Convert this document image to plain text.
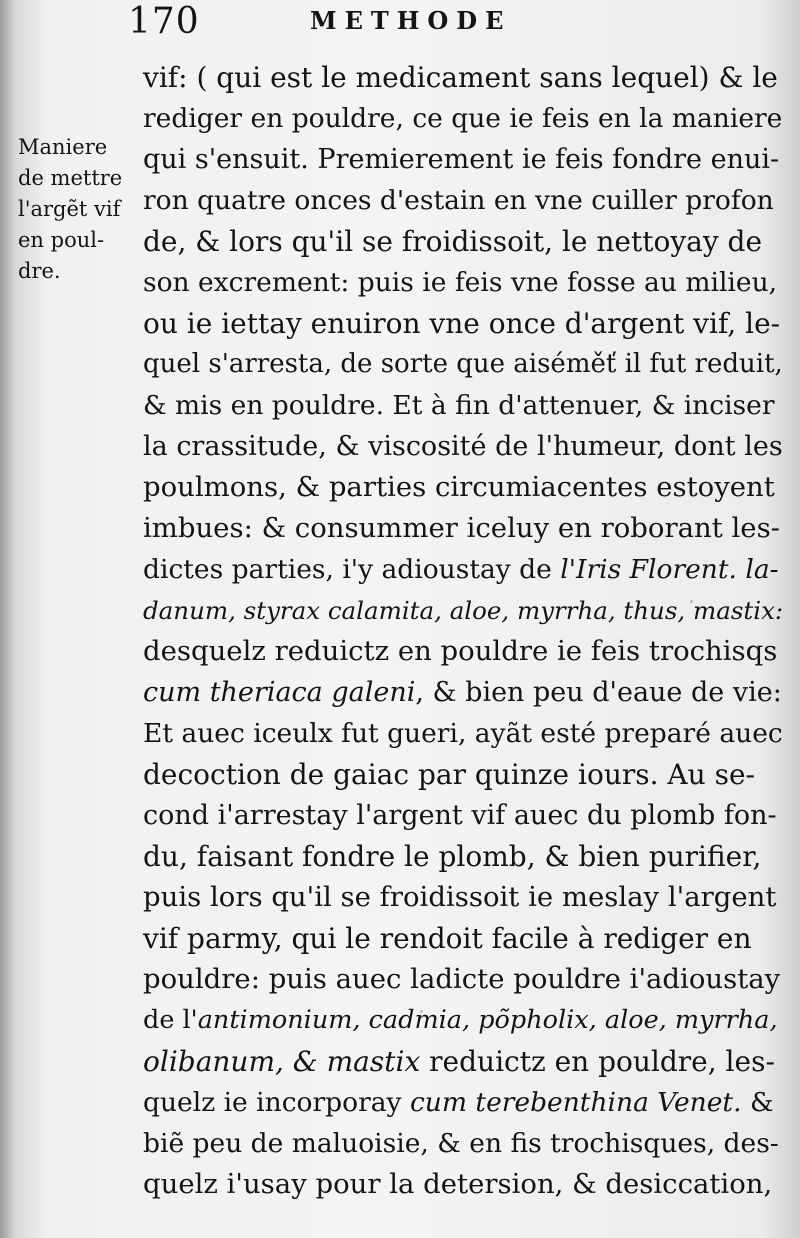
170	METHODE
Maniere
de mettre
l'argẽt vif
en poul-
dre.
vif: ( qui est le medicament sans lequel) & le
rediger en pouldre, ce que ie feis en la maniere
qui s'ensuit. Premierement ie feis fondre enui-
ron quatre onces d'estain en vne cuiller profon
de, & lors qu'il se froidissoit, le nettoyay de
son excrement: puis ie feis vne fosse au milieu,
ou ie iettay enuiron vne once d'argent vif, le-
quel s'arresta, de sorte que aiséměť il fut reduit,
& mis en pouldre. Et à fin d'attenuer, & inciser
la crassitude, & viscosité de l'humeur, dont les
poulmons, & parties circumiacentes estoyent
imbues: & consummer iceluy en roborant les-
dictes parties, i'y adioustay de l'Iris Florent. la-
danum, styrax calamita, aloe, myrrha, thus, mastix:
desquelz reduictz en pouldre ie feis trochisqs
cum theriaca galeni, & bien peu d'eaue de vie:
Et auec iceulx fut gueri, ayãt esté preparé auec
decoction de gaiac par quinze iours. Au se-
cond i'arrestay l'argent vif auec du plomb fon-
du, faisant fondre le plomb, & bien purifier,
puis lors qu'il se froidissoit ie meslay l'argent
vif parmy, qui le rendoit facile à rediger en
pouldre: puis auec ladicte pouldre i'adioustay
de l'antimonium, cadmia, põpholix, aloe, myrrha,
olibanum, & mastix reduictz en pouldre, les-
quelz ie incorporay cum terebenthina Venet. &
biẽ peu de maluoisie, & en fis trochisques, des-
quelz i'usay pour la detersion, & desiccation,
